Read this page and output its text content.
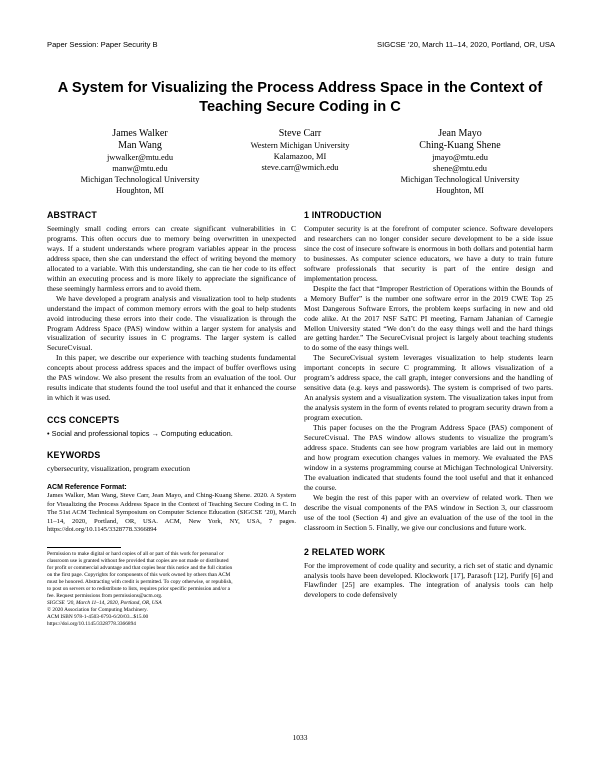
Paper Session: Paper Security B	SIGCSE ’20, March 11–14, 2020, Portland, OR, USA
A System for Visualizing the Process Address Space in the Context of Teaching Secure Coding in C
James Walker
Man Wang
jwwalker@mtu.edu
manw@mtu.edu
Michigan Technological University
Houghton, MI
Steve Carr
Western Michigan University
Kalamazoo, MI
steve.carr@wmich.edu
Jean Mayo
Ching-Kuang Shene
jmayo@mtu.edu
shene@mtu.edu
Michigan Technological University
Houghton, MI
ABSTRACT

Seemingly small coding errors can create significant vulnerabilities in C programs. This often occurs due to memory being overwritten in unexpected ways. If a student understands where program variables appear in the process address space, then she can understand the effect of writing beyond the memory allocated to a variable. With this understanding, she can tie her code to its effect within an executing process and is more likely to appreciate the significance of these seemingly harmless errors and to avoid them.

We have developed a program analysis and visualization tool to help students understand the impact of common memory errors with the goal to help students avoid introducing these errors into their code. The visualization is through the Program Address Space (PAS) window within a larger system for analysis and visualization of security issues in C programs. The larger system is called SecureCvisual.

In this paper, we describe our experience with teaching students fundamental concepts about process address spaces and the impact of buffer overflows using the PAS window. We also present the results from an evaluation of the tool. Our results indicate that students found the tool useful and that it enhanced the course in which it was used.

CCS CONCEPTS

• Social and professional topics → Computing education.

KEYWORDS

cybersecurity, visualization, program execution

ACM Reference Format:

James Walker, Man Wang, Steve Carr, Jean Mayo, and Ching-Kuang Shene. 2020. A System for Visualizing the Process Address Space in the Context of Teaching Secure Coding in C. In The 51st ACM Technical Symposium on Computer Science Education (SIGCSE ’20), March 11–14, 2020, Portland, OR, USA. ACM, New York, NY, USA, 7 pages. https://doi.org/10.1145/3328778.3366894

Permission to make digital or hard copies of all or part of this work for personal or
classroom use is granted without fee provided that copies are not made or distributed
for profit or commercial advantage and that copies bear this notice and the full citation
on the first page. Copyrights for components of this work owned by others than ACM
must be honored. Abstracting with credit is permitted. To copy otherwise, or republish,
to post on servers or to redistribute to lists, requires prior specific permission and/or a
fee. Request permissions from permissions@acm.org.
SIGCSE ’20, March 11–14, 2020, Portland, OR, USA
© 2020 Association for Computing Machinery.
ACM ISBN 978-1-4503-6793-6/20/03...$15.00
https://doi.org/10.1145/3328778.3366894
1 INTRODUCTION

Computer security is at the forefront of computer science. Software developers and researchers can no longer consider secure development to be a side issue since the cost of insecure software is enormous in both dollars and potential harm to businesses. As computer science educators, we have a duty to train future software professionals that security is part of the entire design and implementation process.

Despite the fact that “Improper Restriction of Operations within the Bounds of a Memory Buffer” is the number one software error in the 2019 CWE Top 25 Most Dangerous Software Errors, the problem keeps surfacing in new and old code alike. At the 2017 NSF SaTC PI meeting, Farnam Jahanian of Carnegie Mellon University stated “We don’t do the easy things well and the hard things are getting harder.” The SecureCvisual project is largely about teaching students to do some of the easy things well.

The SecureCvisual system leverages visualization to help students learn important concepts in secure C programming. It allows visualization of a program’s address space, the call graph, integer conversions and the handling of sensitive data (e.g. keys and passwords). The system is comprised of two parts. An analysis system and a visualization system. The visualization takes input from the analysis system in the form of events related to program security drawn from a program execution.

This paper focuses on the the Program Address Space (PAS) component of SecureCvisual. The PAS window allows students to visualize the program’s address space. Students can see how program variables are laid out in memory and how program execution changes values in memory. We evaluated the PAS window in a systems programming course at Michigan Technological University. The evaluation indicated that students found the tool useful and that it enhanced the course.

We begin the rest of this paper with an overview of related work. Then we describe the visual components of the PAS window in Section 3, our classroom use of the tool (Section 4) and give an evaluation of the use of the tool in the classroom in Section 5. Finally, we give our conclusions and future work.

2 RELATED WORK

For the improvement of code quality and security, a rich set of static and dynamic analysis tools have been developed. Klockwork [17], Parasoft [12], Purify [6] and Flawfinder [25] are examples. The integration of analysis tools can help developers to code defensively

1033
